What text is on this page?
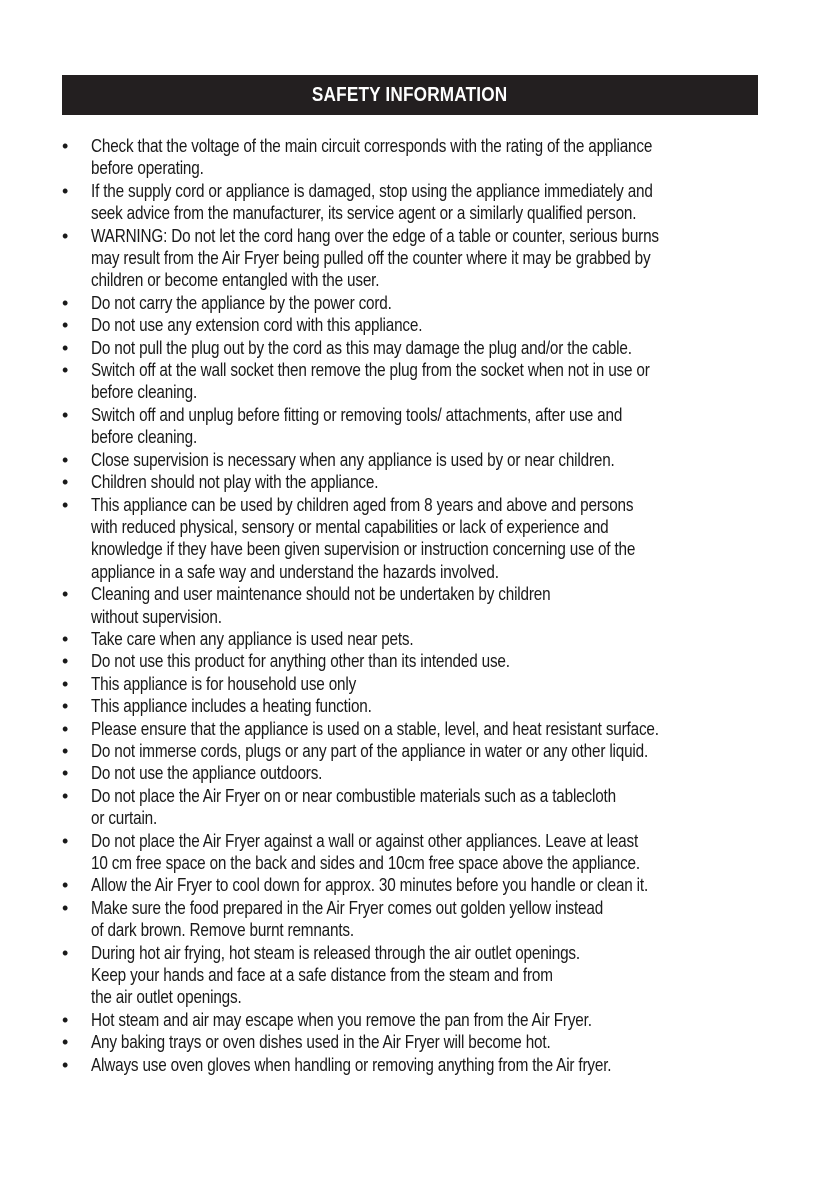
SAFETY INFORMATION
• Check that the voltage of the main circuit corresponds with the rating of the appliance
before operating.
• If the supply cord or appliance is damaged, stop using the appliance immediately and
seek advice from the manufacturer, its service agent or a similarly qualified person.
• WARNING: Do not let the cord hang over the edge of a table or counter, serious burns
may result from the Air Fryer being pulled off the counter where it may be grabbed by
children or become entangled with the user.
• Do not carry the appliance by the power cord.
• Do not use any extension cord with this appliance.
• Do not pull the plug out by the cord as this may damage the plug and/or the cable.
• Switch off at the wall socket then remove the plug from the socket when not in use or
before cleaning.
• Switch off and unplug before fitting or removing tools/ attachments, after use and
before cleaning.
• Close supervision is necessary when any appliance is used by or near children.
• Children should not play with the appliance.
• This appliance can be used by children aged from 8 years and above and persons
with reduced physical, sensory or mental capabilities or lack of experience and
knowledge if they have been given supervision or instruction concerning use of the
appliance in a safe way and understand the hazards involved.
• Cleaning and user maintenance should not be undertaken by children
without supervision.
• Take care when any appliance is used near pets.
• Do not use this product for anything other than its intended use.
• This appliance is for household use only
• This appliance includes a heating function.
• Please ensure that the appliance is used on a stable, level, and heat resistant surface.
• Do not immerse cords, plugs or any part of the appliance in water or any other liquid.
• Do not use the appliance outdoors.
• Do not place the Air Fryer on or near combustible materials such as a tablecloth
or curtain.
• Do not place the Air Fryer against a wall or against other appliances. Leave at least
10 cm free space on the back and sides and 10cm free space above the appliance.
• Allow the Air Fryer to cool down for approx. 30 minutes before you handle or clean it.
• Make sure the food prepared in the Air Fryer comes out golden yellow instead
of dark brown. Remove burnt remnants.
• During hot air frying, hot steam is released through the air outlet openings.
Keep your hands and face at a safe distance from the steam and from
the air outlet openings.
• Hot steam and air may escape when you remove the pan from the Air Fryer.
• Any baking trays or oven dishes used in the Air Fryer will become hot.
• Always use oven gloves when handling or removing anything from the Air fryer.
